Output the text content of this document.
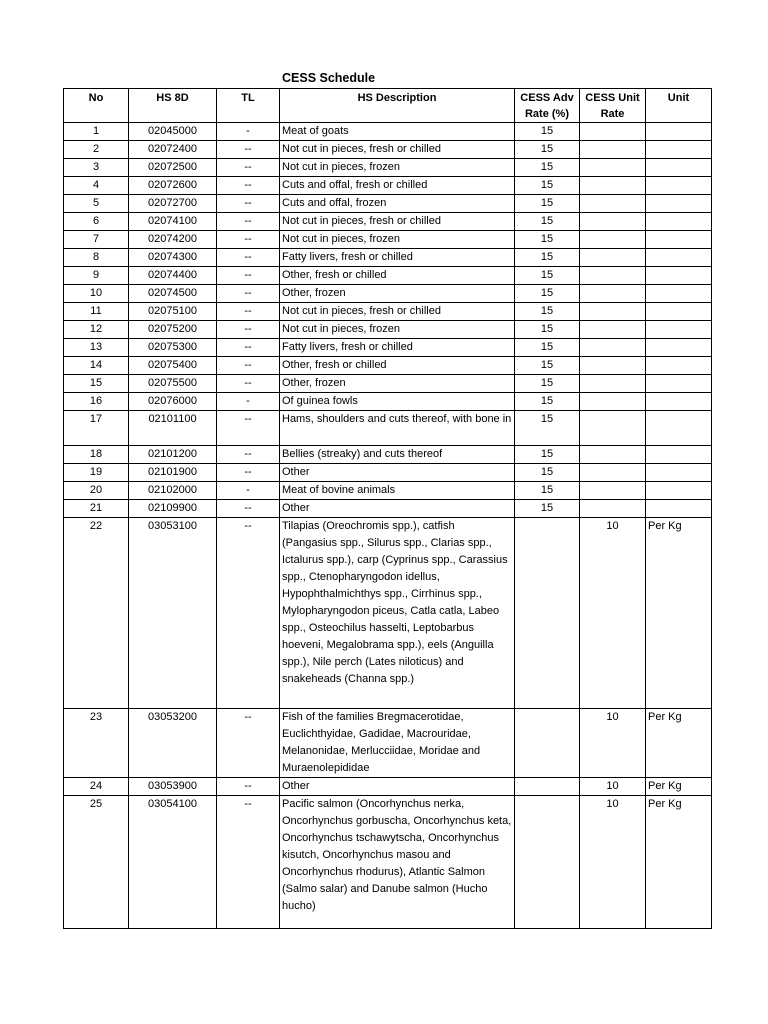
CESS Schedule
No	HS 8D	TL	HS Description	CESS Adv Rate (%)	CESS Unit Rate	Unit
1	02045000	-	Meat of goats	15		
2	02072400	--	Not cut in pieces, fresh or chilled	15		
3	02072500	--	Not cut in pieces, frozen	15		
4	02072600	--	Cuts and offal, fresh or chilled	15		
5	02072700	--	Cuts and offal, frozen	15		
6	02074100	--	Not cut in pieces, fresh or chilled	15		
7	02074200	--	Not cut in pieces, frozen	15		
8	02074300	--	Fatty livers, fresh or chilled	15		
9	02074400	--	Other, fresh or chilled	15		
10	02074500	--	Other, frozen	15		
11	02075100	--	Not cut in pieces, fresh or chilled	15		
12	02075200	--	Not cut in pieces, frozen	15		
13	02075300	--	Fatty livers, fresh or chilled	15		
14	02075400	--	Other, fresh or chilled	15		
15	02075500	--	Other, frozen	15		
16	02076000	-	Of guinea fowls	15		
17	02101100	--	Hams, shoulders and cuts thereof, with bone in	15		
18	02101200	--	Bellies (streaky) and cuts thereof	15		
19	02101900	--	Other	15		
20	02102000	-	Meat of bovine animals	15		
21	02109900	--	Other	15		
22	03053100	--	Tilapias (Oreochromis spp.), catfish (Pangasius spp., Silurus spp., Clarias spp., Ictalurus spp.), carp (Cyprinus spp., Carassius spp., Ctenopharyngodon idellus, Hypophthalmichthys spp., Cirrhinus spp., Mylopharyngodon piceus, Catla catla, Labeo spp., Osteochilus hasselti, Leptobarbus hoeveni, Megalobrama spp.), eels (Anguilla spp.), Nile perch (Lates niloticus) and snakeheads (Channa spp.)		10	Per Kg
23	03053200	--	Fish of the families Bregmacerotidae, Euclichthyidae, Gadidae, Macrouridae, Melanonidae, Merlucciidae, Moridae and Muraenolepididae		10	Per Kg
24	03053900	--	Other		10	Per Kg
25	03054100	--	Pacific salmon (Oncorhynchus nerka, Oncorhynchus gorbuscha, Oncorhynchus keta, Oncorhynchus tschawytscha, Oncorhynchus kisutch, Oncorhynchus masou and Oncorhynchus rhodurus), Atlantic Salmon (Salmo salar) and Danube salmon (Hucho hucho)		10	Per Kg
